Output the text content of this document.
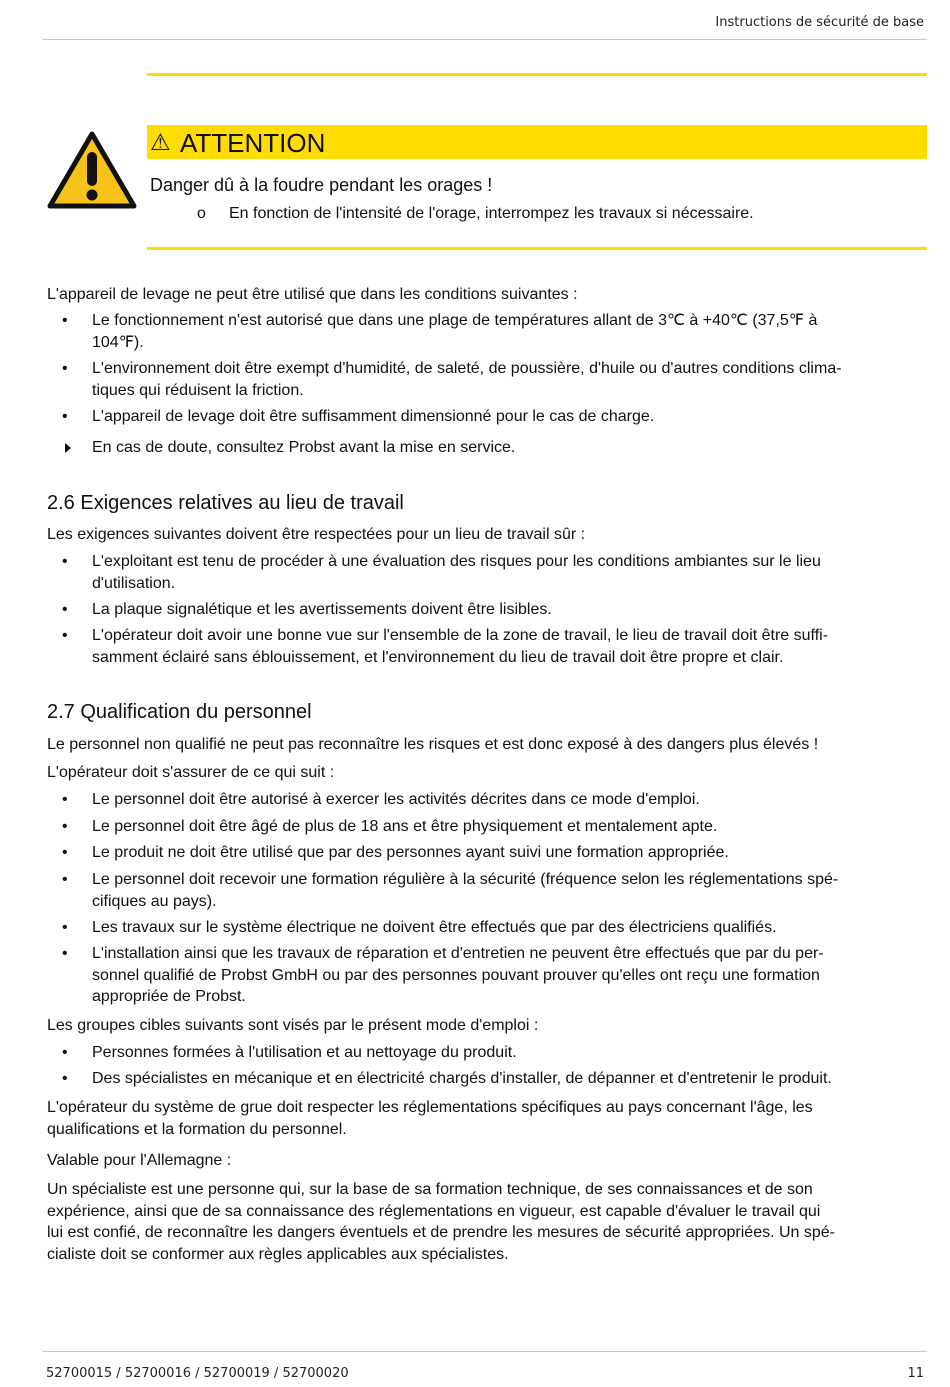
Instructions de sécurité de base
⚠ ATTENTION
Danger dû à la foudre pendant les orages !
o En fonction de l'intensité de l'orage, interrompez les travaux si nécessaire.
L'appareil de levage ne peut être utilisé que dans les conditions suivantes :
• Le fonctionnement n'est autorisé que dans une plage de températures allant de 3℃ à +40℃ (37,5℉ à
104℉).
• L'environnement doit être exempt d'humidité, de saleté, de poussière, d'huile ou d'autres conditions clima-
tiques qui réduisent la friction.
• L'appareil de levage doit être suffisamment dimensionné pour le cas de charge.
En cas de doute, consultez Probst avant la mise en service.
2.6 Exigences relatives au lieu de travail
Les exigences suivantes doivent être respectées pour un lieu de travail sûr :
• L'exploitant est tenu de procéder à une évaluation des risques pour les conditions ambiantes sur le lieu
d'utilisation.
• La plaque signalétique et les avertissements doivent être lisibles.
• L'opérateur doit avoir une bonne vue sur l'ensemble de la zone de travail, le lieu de travail doit être suffi-
samment éclairé sans éblouissement, et l'environnement du lieu de travail doit être propre et clair.
2.7 Qualification du personnel
Le personnel non qualifié ne peut pas reconnaître les risques et est donc exposé à des dangers plus élevés !
L'opérateur doit s'assurer de ce qui suit :
• Le personnel doit être autorisé à exercer les activités décrites dans ce mode d'emploi.
• Le personnel doit être âgé de plus de 18 ans et être physiquement et mentalement apte.
• Le produit ne doit être utilisé que par des personnes ayant suivi une formation appropriée.
• Le personnel doit recevoir une formation régulière à la sécurité (fréquence selon les réglementations spé-
cifiques au pays).
• Les travaux sur le système électrique ne doivent être effectués que par des électriciens qualifiés.
• L'installation ainsi que les travaux de réparation et d'entretien ne peuvent être effectués que par du per-
sonnel qualifié de Probst GmbH ou par des personnes pouvant prouver qu'elles ont reçu une formation
appropriée de Probst.
Les groupes cibles suivants sont visés par le présent mode d'emploi :
• Personnes formées à l'utilisation et au nettoyage du produit.
• Des spécialistes en mécanique et en électricité chargés d'installer, de dépanner et d'entretenir le produit.
L'opérateur du système de grue doit respecter les réglementations spécifiques au pays concernant l'âge, les
qualifications et la formation du personnel.
Valable pour l'Allemagne :
Un spécialiste est une personne qui, sur la base de sa formation technique, de ses connaissances et de son
expérience, ainsi que de sa connaissance des réglementations en vigueur, est capable d'évaluer le travail qui
lui est confié, de reconnaître les dangers éventuels et de prendre les mesures de sécurité appropriées. Un spé-
cialiste doit se conformer aux règles applicables aux spécialistes.
52700015 / 52700016 / 52700019 / 52700020	11
